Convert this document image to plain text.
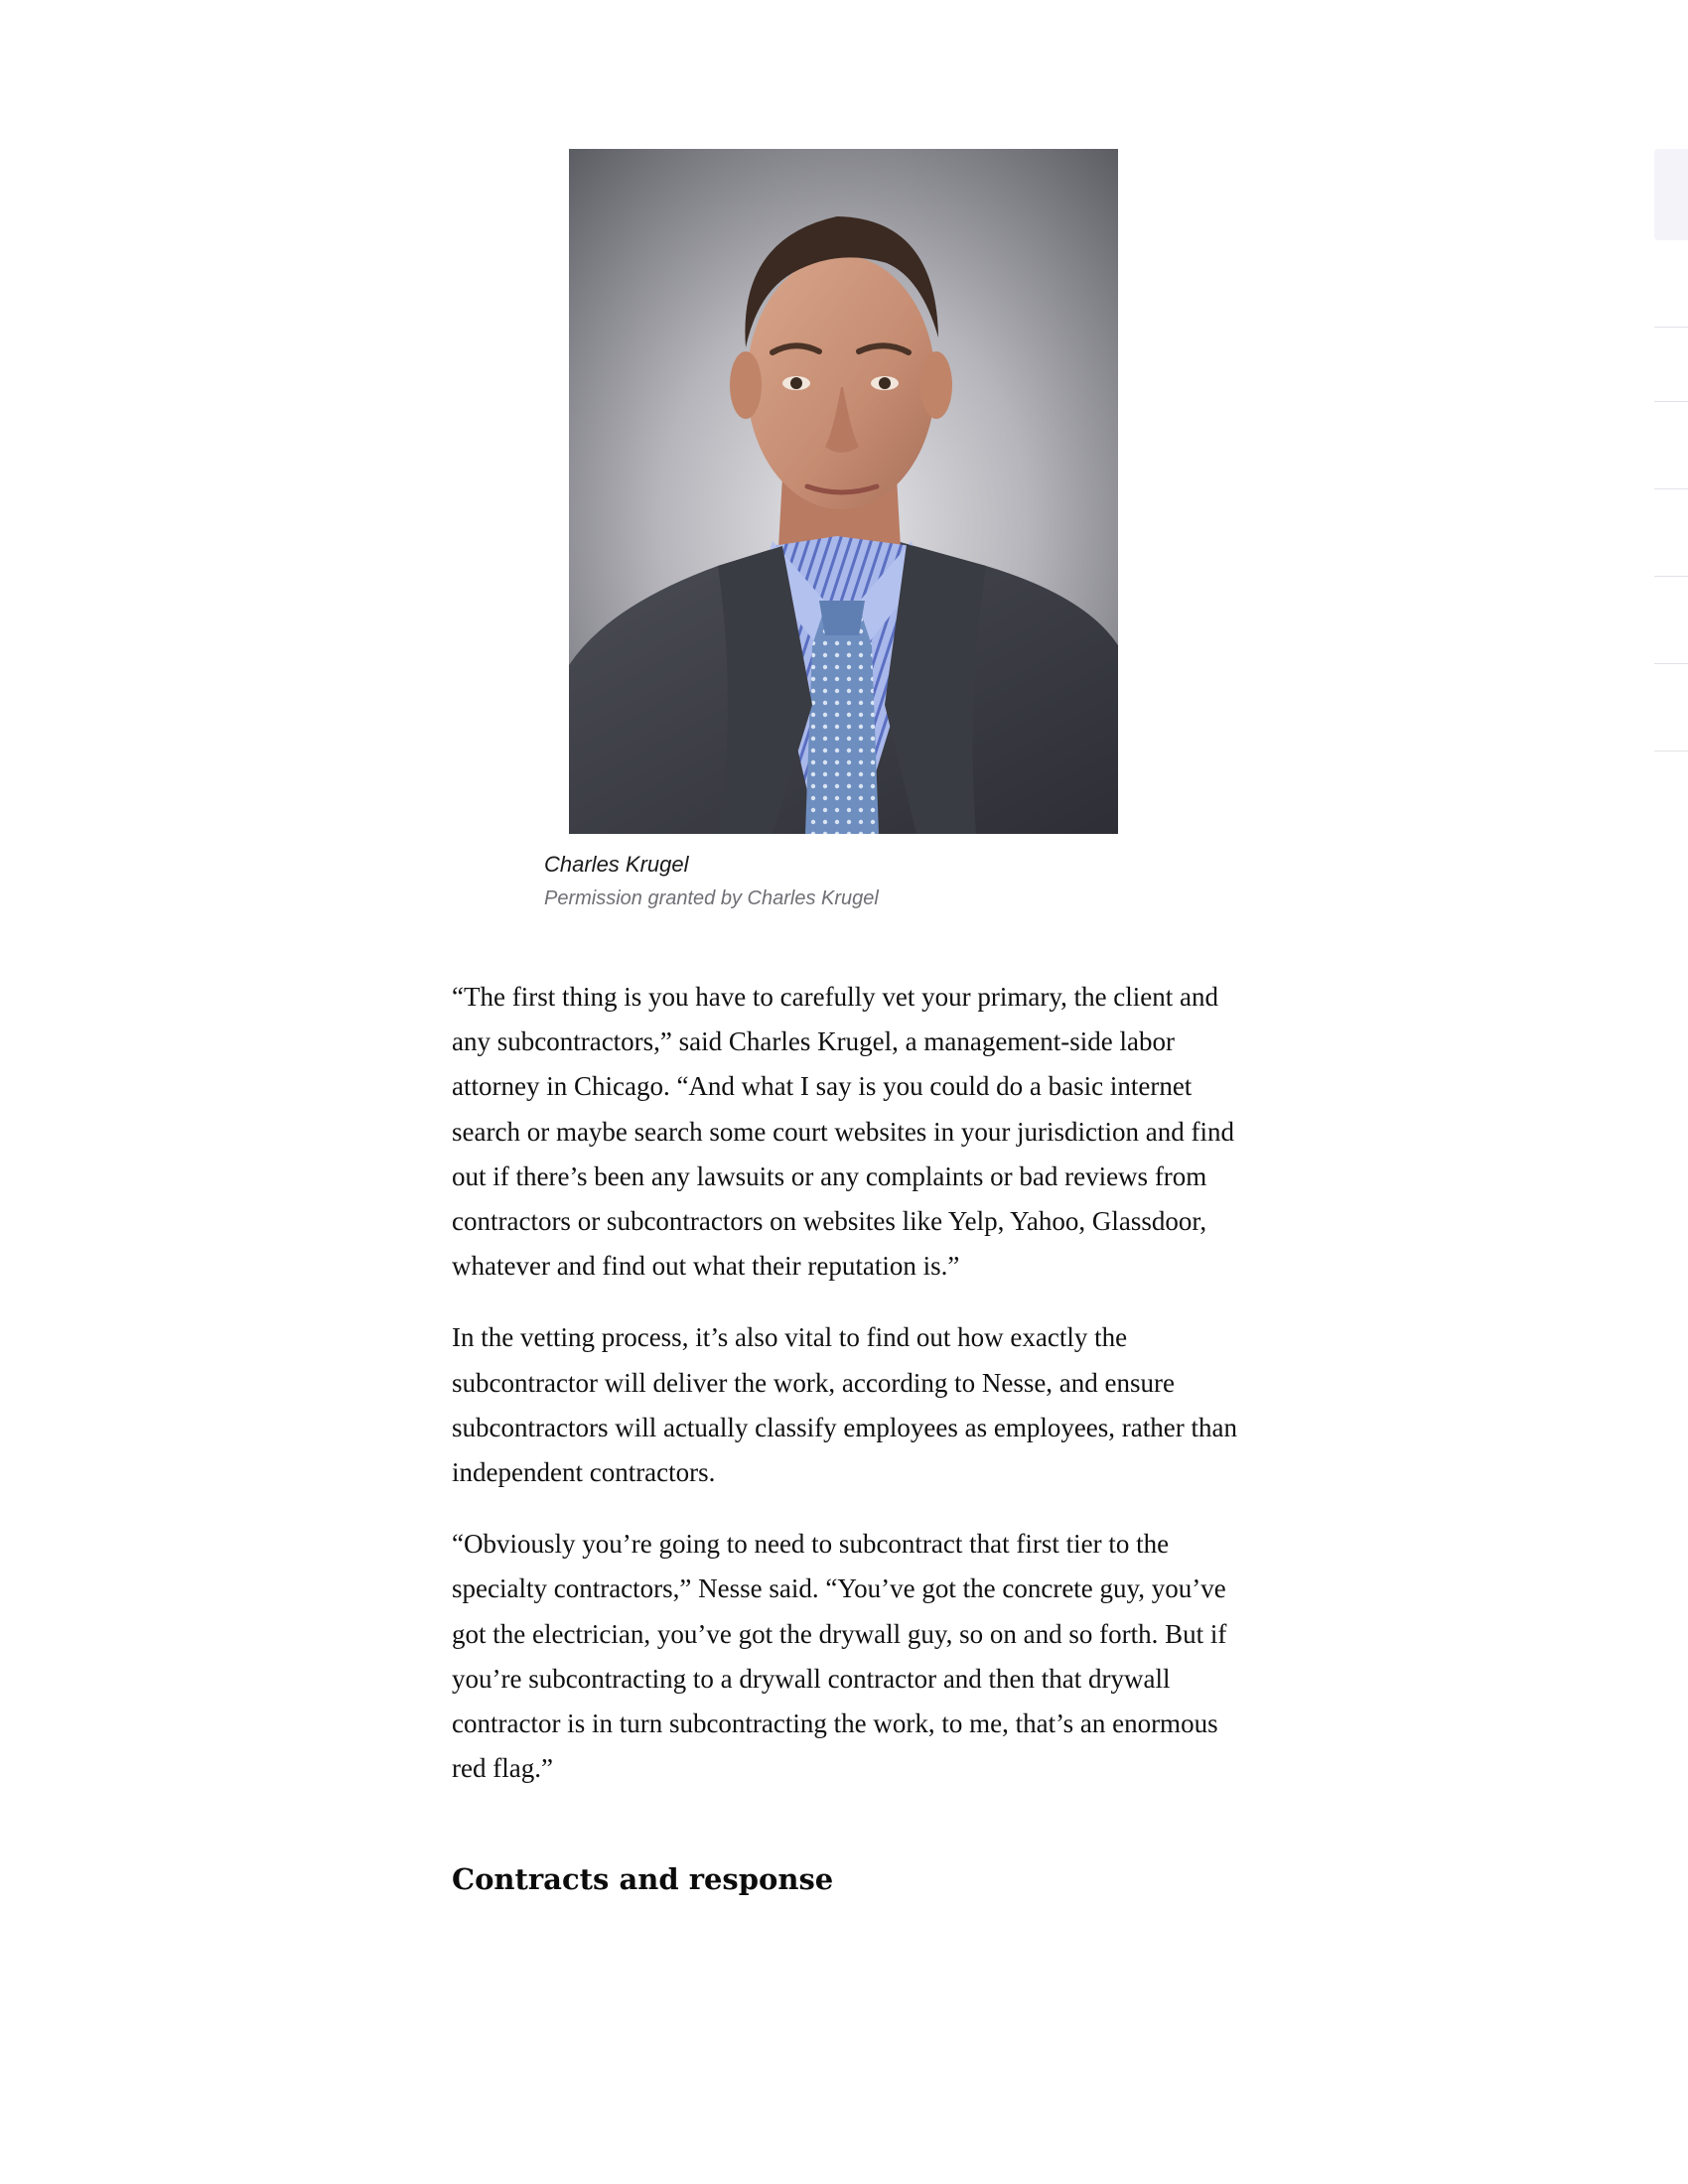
Charles Krugel

Permission granted by Charles Krugel

“The first thing is you have to carefully vet your primary, the client and any subcontractors,” said Charles Krugel, a management-side labor attorney in Chicago. “And what I say is you could do a basic internet search or maybe search some court websites in your jurisdiction and find out if there’s been any lawsuits or any complaints or bad reviews from contractors or subcontractors on websites like Yelp, Yahoo, Glassdoor, whatever and find out what their reputation is.”

In the vetting process, it’s also vital to find out how exactly the subcontractor will deliver the work, according to Nesse, and ensure subcontractors will actually classify employees as employees, rather than independent contractors.

“Obviously you’re going to need to subcontract that first tier to the specialty contractors,” Nesse said. “You’ve got the concrete guy, you’ve got the electrician, you’ve got the drywall guy, so on and so forth. But if you’re subcontracting to a drywall contractor and then that drywall contractor is in turn subcontracting the work, to me, that’s an enormous red flag.”

Contracts and response
